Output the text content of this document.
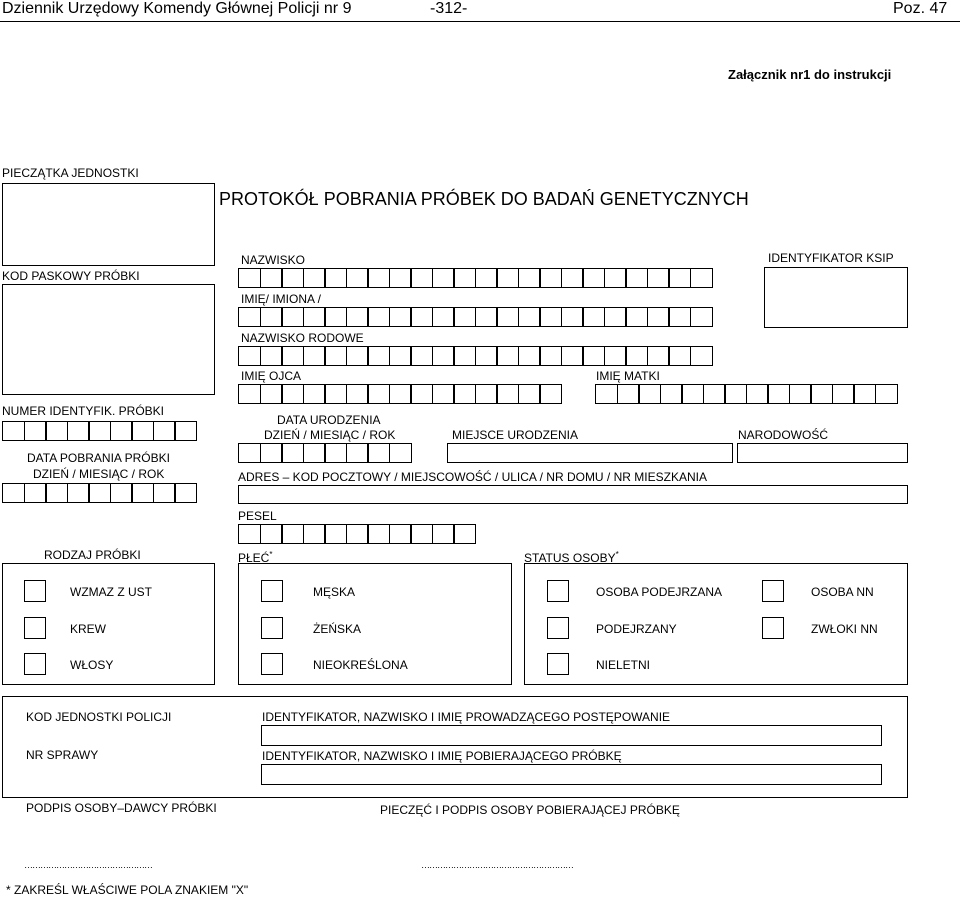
Dziennik Urzędowy Komendy Głównej Policji nr 9	-312-	Poz. 47
Załącznik nr1 do instrukcji
PIECZĄTKA JEDNOSTKI
KOD PASKOWY PRÓBKI
NUMER IDENTYFIK. PRÓBKI
DATA POBRANIA PRÓBKI
DZIEŃ / MIESIĄC / ROK
RODZAJ PRÓBKI
PROTOKÓŁ POBRANIA PRÓBEK DO BADAŃ GENETYCZNYCH
NAZWISKO	IDENTYFIKATOR KSIP
IMIĘ/ IMIONA /
NAZWISKO RODOWE
IMIĘ OJCA	IMIĘ MATKI
DATA URODZENIA
DZIEŃ / MIESIĄC / ROK	MIEJSCE URODZENIA	NARODOWOŚĆ
ADRES – KOD POCZTOWY / MIEJSCOWOŚĆ / ULICA / NR DOMU / NR MIESZKANIA
PESEL
PŁEĆ*	STATUS OSOBY*
WZMAZ Z UST
KREW
WŁOSY
MĘSKA
ŻEŃSKA
NIEOKREŚLONA
OSOBA PODEJRZANA
PODEJRZANY
NIELETNI
OSOBA NN
ZWŁOKI NN
KOD JEDNOSTKI POLICJI
NR SPRAWY
IDENTYFIKATOR, NAZWISKO I IMIĘ PROWADZĄCEGO POSTĘPOWANIE
IDENTYFIKATOR, NAZWISKO I IMIĘ POBIERAJĄCEGO PRÓBKĘ
PODPIS OSOBY–DAWCY PRÓBKI	PIECZĘĆ I PODPIS OSOBY POBIERAJĄCEJ PRÓBKĘ
…………………………………………	…………………………………………………
* ZAKREŚL WŁAŚCIWE POLA ZNAKIEM "X"
